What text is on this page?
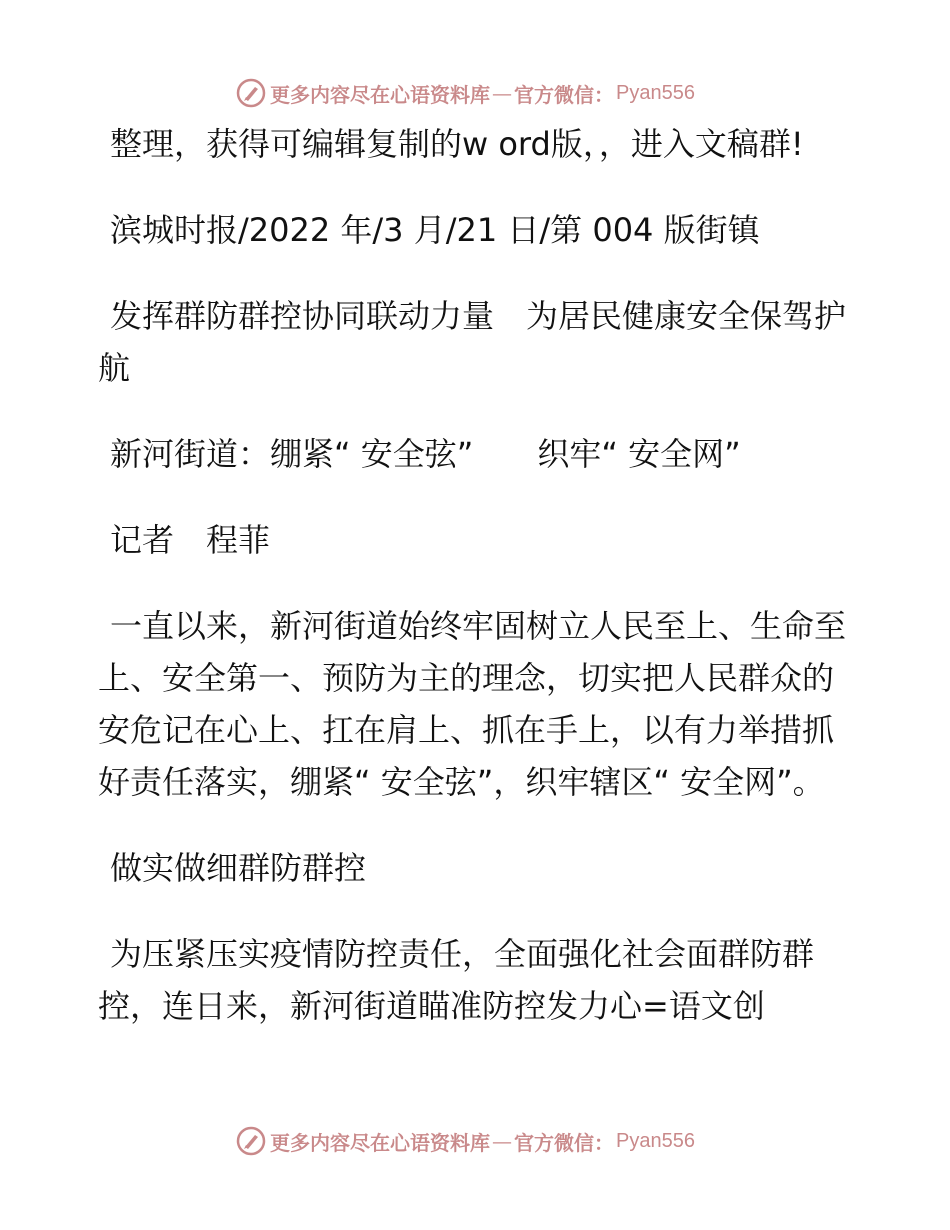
更多内容尽在心语资料库 — 官方微信： Pyan556

整理，获得可编辑复制的w ord版，，进入文稿群!

滨城时报/2022 年/3 月/21 日/第 004 版街镇

发挥群防群控协同联动力量　为居民健康安全保驾护航

新河街道：绷紧“ 安全弦”　　织牢“ 安全网”

记者　程菲

一直以来，新河街道始终牢固树立人民至上、生命至上、安全第一、预防为主的理念，切实把人民群众的安危记在心上、扛在肩上、抓在手上，以有力举措抓好责任落实，绷紧“ 安全弦”，织牢辖区“ 安全网”。

做实做细群防群控

为压紧压实疫情防控责任，全面强化社会面群防群控，连日来，新河街道瞄准防控发力心=语文创

更多内容尽在心语资料库 — 官方微信： Pyan556
